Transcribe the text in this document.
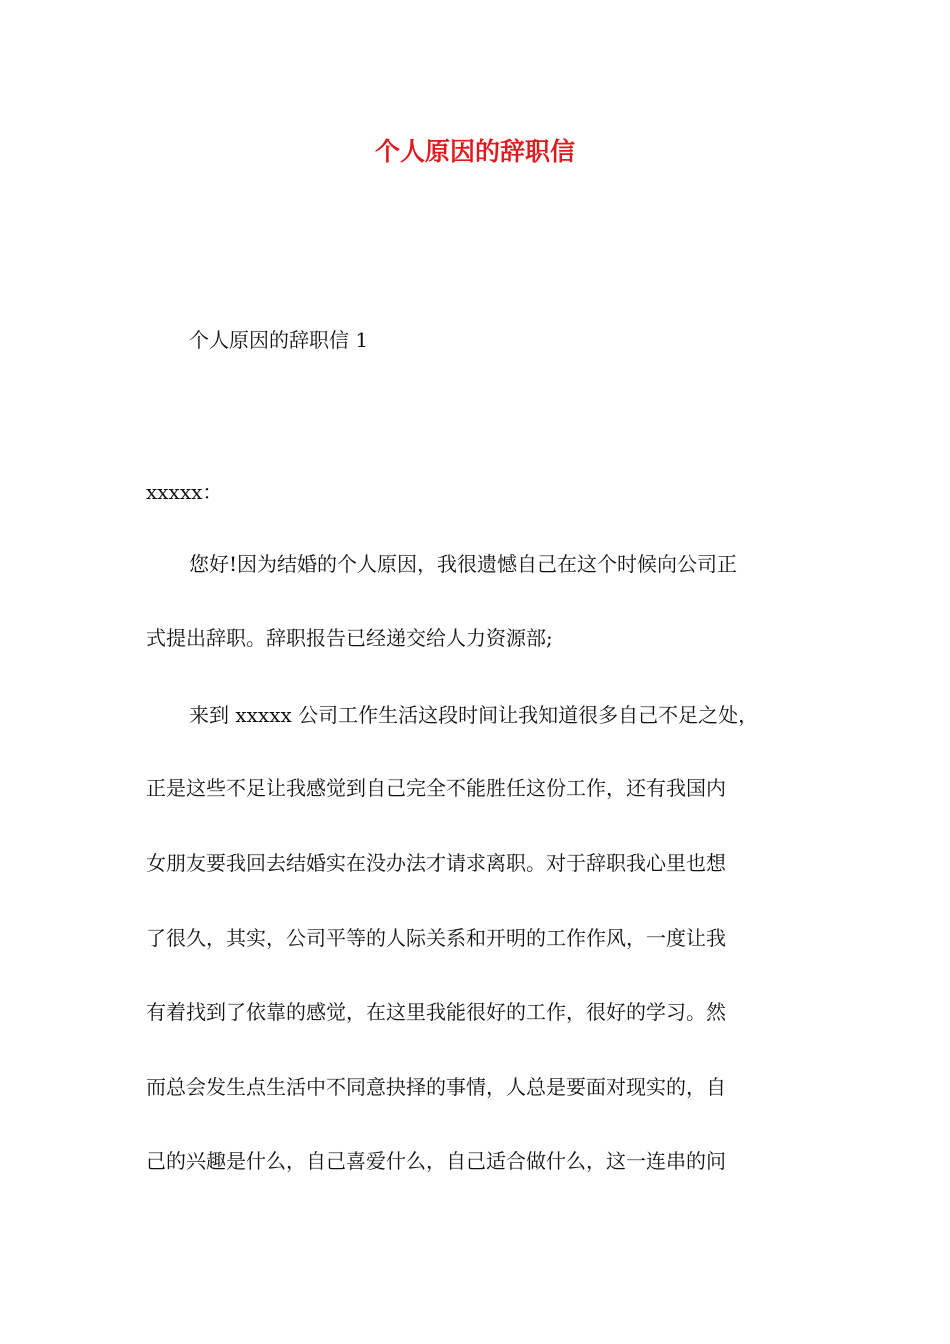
个人原因的辞职信
个人原因的辞职信 1
xxxxx：
您好!因为结婚的个人原因，我很遗憾自己在这个时候向公司正
式提出辞职。辞职报告已经递交给人力资源部;
来到 xxxxx 公司工作生活这段时间让我知道很多自己不足之处，
正是这些不足让我感觉到自己完全不能胜任这份工作，还有我国内
女朋友要我回去结婚实在没办法才请求离职。对于辞职我心里也想
了很久，其实，公司平等的人际关系和开明的工作作风，一度让我
有着找到了依靠的感觉，在这里我能很好的工作，很好的学习。然
而总会发生点生活中不同意抉择的事情，人总是要面对现实的，自
己的兴趣是什么，自己喜爱什么，自己适合做什么，这一连串的问
